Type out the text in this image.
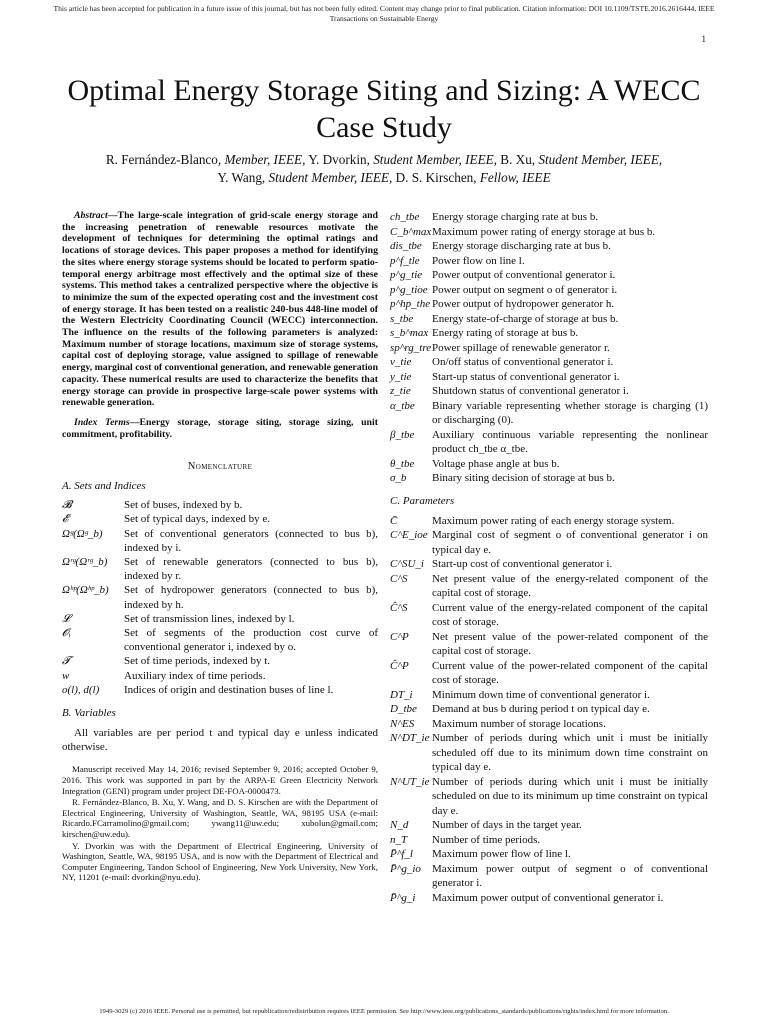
This article has been accepted for publication in a future issue of this journal, but has not been fully edited. Content may change prior to final publication. Citation information: DOI 10.1109/TSTE.2016.2616444, IEEE
Transactions on Sustainable Energy
1
Optimal Energy Storage Siting and Sizing: A WECC Case Study
R. Fernández-Blanco, Member, IEEE, Y. Dvorkin, Student Member, IEEE, B. Xu, Student Member, IEEE,
Y. Wang, Student Member, IEEE, D. S. Kirschen, Fellow, IEEE

Abstract—The large-scale integration of grid-scale energy storage and the increasing penetration of renewable resources motivate the development of techniques for determining the optimal ratings and locations of storage devices. This paper proposes a method for identifying the sites where energy storage systems should be located to perform spatio-temporal energy arbitrage most effectively and the optimal size of these systems. This method takes a centralized perspective where the objective is to minimize the sum of the expected operating cost and the investment cost of energy storage. It has been tested on a realistic 240-bus 448-line model of the Western Electricity Coordinating Council (WECC) interconnection. The influence on the results of the following parameters is analyzed: Maximum number of storage locations, maximum size of storage systems, capital cost of deploying storage, value assigned to spillage of renewable energy, marginal cost of conventional generation, and renewable generation capacity. These numerical results are used to characterize the benefits that energy storage can provide in prospective large-scale power systems with renewable generation.

Index Terms—Energy storage, storage siting, storage sizing, unit commitment, profitability.

Nomenclature
A. Sets and Indices
𝓑	Set of buses, indexed by b.
𝓔	Set of typical days, indexed by e.
Ωᵍ(Ωᵍ_b)	Set of conventional generators (connected to bus b), indexed by i.
Ωʳᵍ(Ωʳᵍ_b)	Set of renewable generators (connected to bus b), indexed by r.
Ωʰᵖ(Ωʰᵖ_b)	Set of hydropower generators (connected to bus b), indexed by h.
𝓛	Set of transmission lines, indexed by l.
𝓞ᵢ	Set of segments of the production cost curve of conventional generator i, indexed by o.
𝓣	Set of time periods, indexed by t.
w	Auxiliary index of time periods.
o(l), d(l)	Indices of origin and destination buses of line l.
B. Variables

All variables are per period t and typical day e unless indicated otherwise.

Manuscript received May 14, 2016; revised September 9, 2016; accepted October 9, 2016. This work was supported in part by the ARPA-E Green Electricity Network Integration (GENI) program under project DE-FOA-0000473.

R. Fernández-Blanco, B. Xu, Y. Wang, and D. S. Kirschen are with the Department of Electrical Engineering, University of Washington, Seattle, WA, 98195 USA (e-mail: Ricardo.FCarramolino@gmail.com; ywang11@uw.edu; xubolun@gmail.com; kirschen@uw.edu).

Y. Dvorkin was with the Department of Electrical Engineering, University of Washington, Seattle, WA, 98195 USA, and is now with the Department of Electrical and Computer Engineering, Tandon School of Engineering, New York University, New York, NY, 11201 (e-mail: dvorkin@nyu.edu).

ch_tbe	Energy storage charging rate at bus b.
C_b^max Maximum power rating of energy storage at bus b.
dis_tbe Energy storage discharging rate at bus b.
p^f_tle	Power flow on line l.
p^g_tie Power output of conventional generator i.
p^g_tioe Power output on segment o of generator i.
p^hp_the Power output of hydropower generator h.
s_tbe	Energy state-of-charge of storage at bus b.
s_b^max Energy rating of storage at bus b.
sp^rg_tre Power spillage of renewable generator r.
v_tie	On/off status of conventional generator i.
y_tie	Start-up status of conventional generator i.
z_tie	Shutdown status of conventional generator i.
α_tbe	Binary variable representing whether storage is charging (1) or discharging (0).
β_tbe	Auxiliary continuous variable representing the nonlinear product ch_tbe α_tbe.
θ_tbe	Voltage phase angle at bus b.
σ_b	Binary siting decision of storage at bus b.
C. Parameters
C̄	Maximum power rating of each energy storage system.
C^E_ioe Marginal cost of segment o of conventional generator i on typical day e.
C^SU_i Start-up cost of conventional generator i.
C^S	Net present value of the energy-related component of the capital cost of storage.
Ĉ^S	Current value of the energy-related component of the capital cost of storage.
C^P	Net present value of the power-related component of the capital cost of storage.
Ĉ^P	Current value of the power-related component of the capital cost of storage.
DT_i	Minimum down time of conventional generator i.
D_tbe	Demand at bus b during period t on typical day e.
N^ES	Maximum number of storage locations.
N^DT_ie Number of periods during which unit i must be initially scheduled off due to its minimum down time constraint on typical day e.
N^UT_ie Number of periods during which unit i must be initially scheduled on due to its minimum up time constraint on typical day e.
N_d	Number of days in the target year.
n_T	Number of time periods.
P̄^f_l	Maximum power flow of line l.
P̄^g_io	Maximum power output of segment o of conventional generator i.
P̄^g_i	Maximum power output of conventional generator i.
1949-3029 (c) 2016 IEEE. Personal use is permitted, but republication/redistribution requires IEEE permission. See http://www.ieee.org/publications_standards/publications/rights/index.html for more information.
